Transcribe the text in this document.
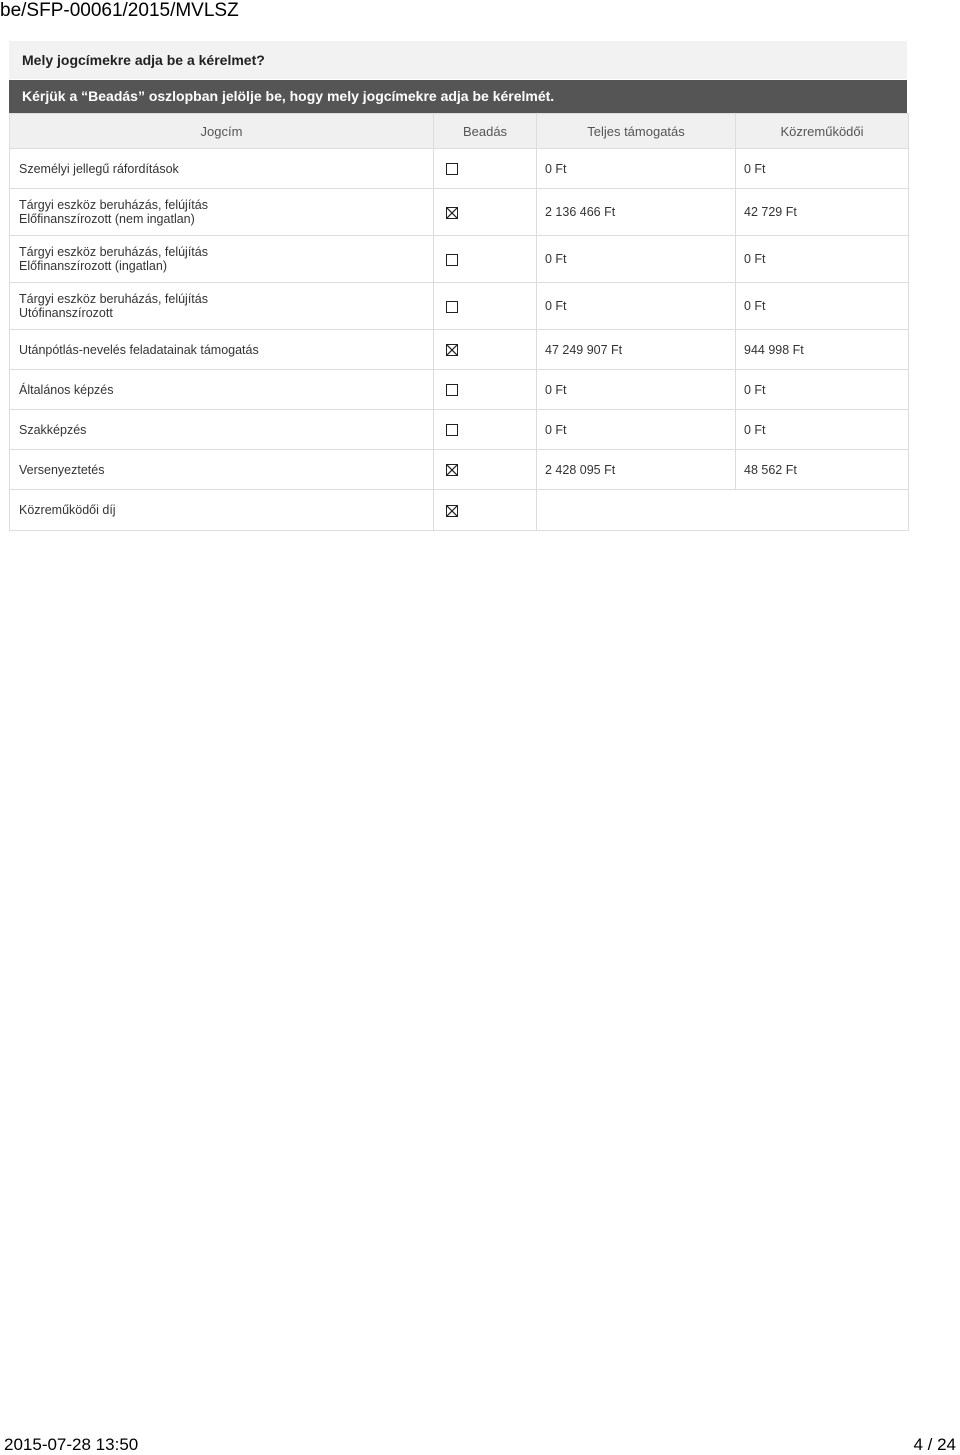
be/SFP-00061/2015/MVLSZ
Mely jogcímekre adja be a kérelmet?
Kérjük a “Beadás” oszlopban jelölje be, hogy mely jogcímekre adja be kérelmét.
Jogcím	Beadás	Teljes támogatás	Közreműködői

Személyi jellegű ráfordítások		0 Ft	0 Ft

Tárgyi eszköz beruházás, felújítás
Előfinanszírozott (nem ingatlan)		2 136 466 Ft	42 729 Ft

Tárgyi eszköz beruházás, felújítás
Előfinanszírozott (ingatlan)		0 Ft	0 Ft

Tárgyi eszköz beruházás, felújítás
Utófinanszírozott		0 Ft	0 Ft

Utánpótlás-nevelés feladatainak támogatás		47 249 907 Ft	944 998 Ft

Általános képzés		0 Ft	0 Ft

Szakképzés		0 Ft	0 Ft

Versenyeztetés		2 428 095 Ft	48 562 Ft

Közreműködői díj

2015-07-28 13:50	4 / 24
